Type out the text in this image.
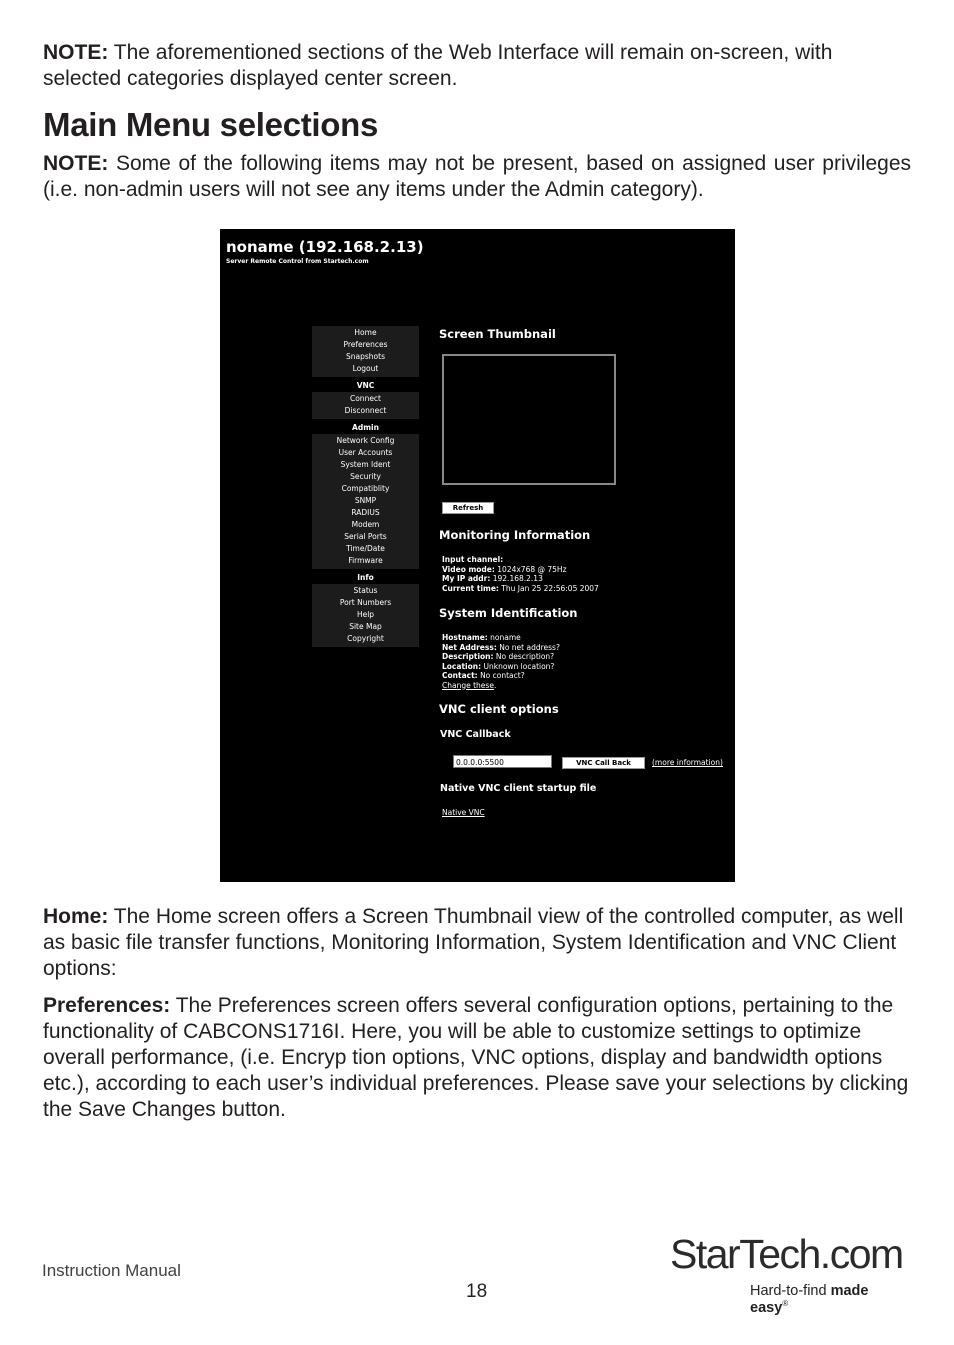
NOTE: The aforementioned sections of the Web Interface will remain on-screen, with selected categories displayed center screen.
Main Menu selections
NOTE: Some of the following items may not be present, based on assigned user privileges (i.e. non-admin users will not see any items under the Admin category).
noname (192.168.2.13)
Server Remote Control from Startech.com
Home
Preferences
Snapshots
Logout
VNC
Connect
Disconnect
Admin
Network Config
User Accounts
System Ident
Security
Compatiblity
SNMP
RADIUS
Modem
Serial Ports
Time/Date
Firmware
Info
Status
Port Numbers
Help
Site Map
Copyright
Screen Thumbnail
Refresh
Monitoring Information
Input channel:
Video mode: 1024x768 @ 75Hz
My IP addr: 192.168.2.13
Current time: Thu Jan 25 22:56:05 2007
System Identification
Hostname: noname
Net Address: No net address?
Description: No description?
Location: Unknown location?
Contact: No contact?
Change these.
VNC client options
VNC Callback
0.0.0.0:5500	VNC Call Back	(more information)
Native VNC client startup file
Native VNC
Home: The Home screen offers a Screen Thumbnail view of the controlled computer, as well as basic file transfer functions, Monitoring Information, System Identification and VNC Client options:
Preferences: The Preferences screen offers several configuration options, pertaining to the functionality of CABCONS1716I. Here, you will be able to customize settings to optimize overall performance, (i.e. Encryp tion options, VNC options, display and bandwidth options etc.), according to each user’s individual preferences. Please save your selections by clicking the Save Changes button.
Instruction Manual
18
StarTech.com
Hard-to-find made easy®
